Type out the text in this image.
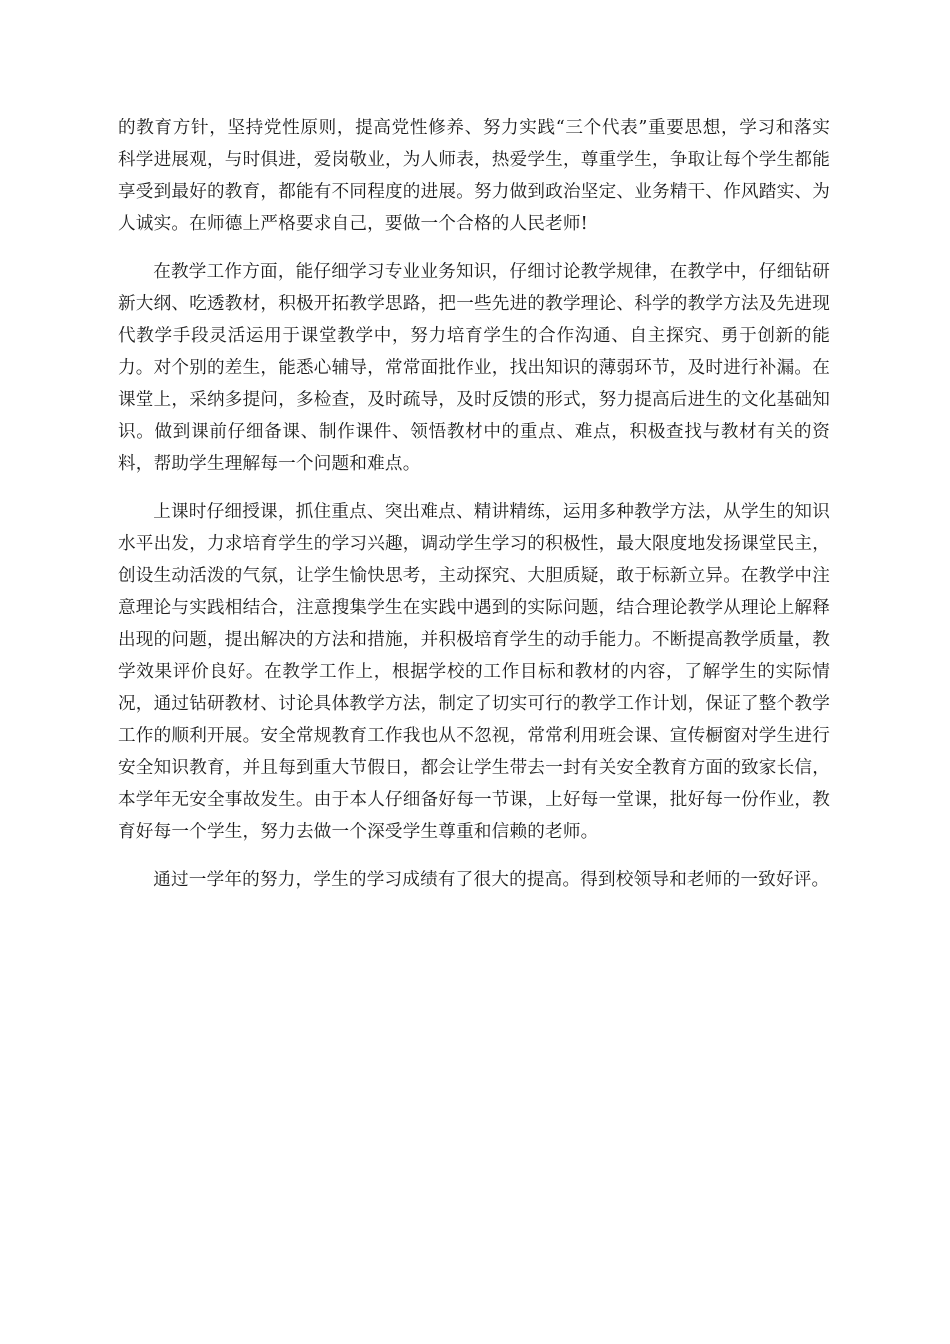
的教育方针，坚持党性原则，提高党性修养、努力实践“三个代表”重要思想，学习和落实科学进展观，与时俱进，爱岗敬业，为人师表，热爱学生，尊重学生，争取让每个学生都能享受到最好的教育，都能有不同程度的进展。努力做到政治坚定、业务精干、作风踏实、为人诚实。在师德上严格要求自己，要做一个合格的人民老师!

在教学工作方面，能仔细学习专业业务知识，仔细讨论教学规律，在教学中，仔细钻研新大纲、吃透教材，积极开拓教学思路，把一些先进的教学理论、科学的教学方法及先进现代教学手段灵活运用于课堂教学中，努力培育学生的合作沟通、自主探究、勇于创新的能力。对个别的差生，能悉心辅导，常常面批作业，找出知识的薄弱环节，及时进行补漏。在课堂上，采纳多提问，多检查，及时疏导，及时反馈的形式，努力提高后进生的文化基础知识。做到课前仔细备课、制作课件、领悟教材中的重点、难点，积极查找与教材有关的资料，帮助学生理解每一个问题和难点。

上课时仔细授课，抓住重点、突出难点、精讲精练，运用多种教学方法，从学生的知识水平出发，力求培育学生的学习兴趣，调动学生学习的积极性，最大限度地发扬课堂民主，创设生动活泼的气氛，让学生愉快思考，主动探究、大胆质疑，敢于标新立异。在教学中注意理论与实践相结合，注意搜集学生在实践中遇到的实际问题，结合理论教学从理论上解释出现的问题，提出解决的方法和措施，并积极培育学生的动手能力。不断提高教学质量，教学效果评价良好。在教学工作上，根据学校的工作目标和教材的内容，了解学生的实际情况，通过钻研教材、讨论具体教学方法，制定了切实可行的教学工作计划，保证了整个教学工作的顺利开展。安全常规教育工作我也从不忽视，常常利用班会课、宣传橱窗对学生进行安全知识教育，并且每到重大节假日，都会让学生带去一封有关安全教育方面的致家长信，本学年无安全事故发生。由于本人仔细备好每一节课，上好每一堂课，批好每一份作业，教育好每一个学生，努力去做一个深受学生尊重和信赖的老师。

通过一学年的努力，学生的学习成绩有了很大的提高。得到校领导和老师的一致好评。
